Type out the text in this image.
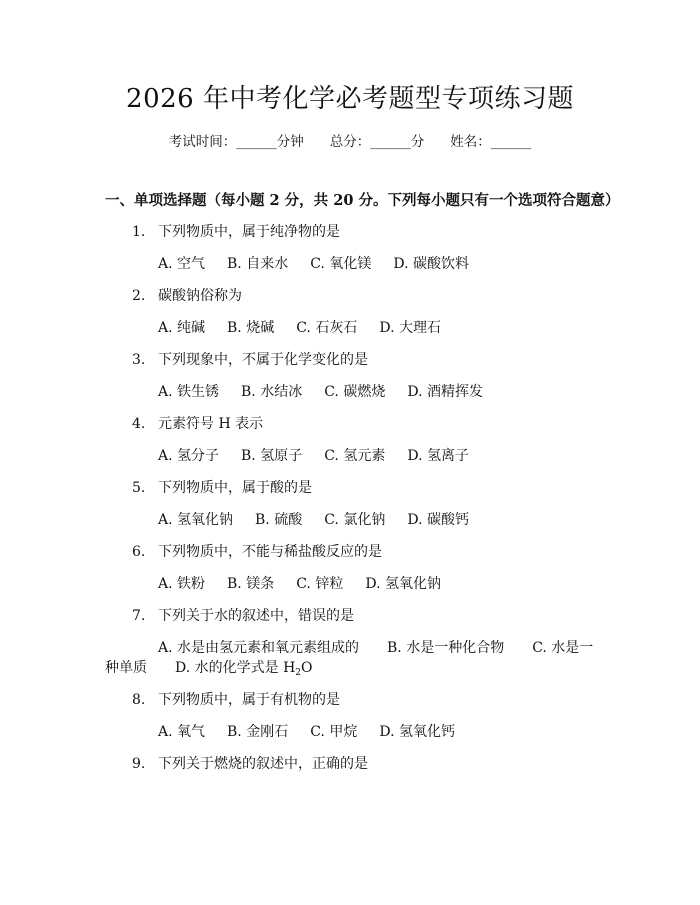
2026 年中考化学必考题型专项练习题
考试时间：______分钟 总分：______分 姓名：______
一、单项选择题（每小题 2 分，共 20 分。下列每小题只有一个选项符合题意）
1. 下列物质中，属于纯净物的是
A. 空气 B. 自来水 C. 氧化镁 D. 碳酸饮料
2. 碳酸钠俗称为
A. 纯碱 B. 烧碱 C. 石灰石 D. 大理石
3. 下列现象中，不属于化学变化的是
A. 铁生锈 B. 水结冰 C. 碳燃烧 D. 酒精挥发
4. 元素符号 H 表示
A. 氢分子 B. 氢原子 C. 氢元素 D. 氢离子
5. 下列物质中，属于酸的是
A. 氢氧化钠 B. 硫酸 C. 氯化钠 D. 碳酸钙
6. 下列物质中，不能与稀盐酸反应的是
A. 铁粉 B. 镁条 C. 锌粒 D. 氢氧化钠
7. 下列关于水的叙述中，错误的是
A. 水是由氢元素和氧元素组成的　　B. 水是一种化合物　　C. 水是一
种单质　　D. 水的化学式是 $H_2O$
8. 下列物质中，属于有机物的是
A. 氧气 B. 金刚石 C. 甲烷 D. 氢氧化钙
9. 下列关于燃烧的叙述中，正确的是
